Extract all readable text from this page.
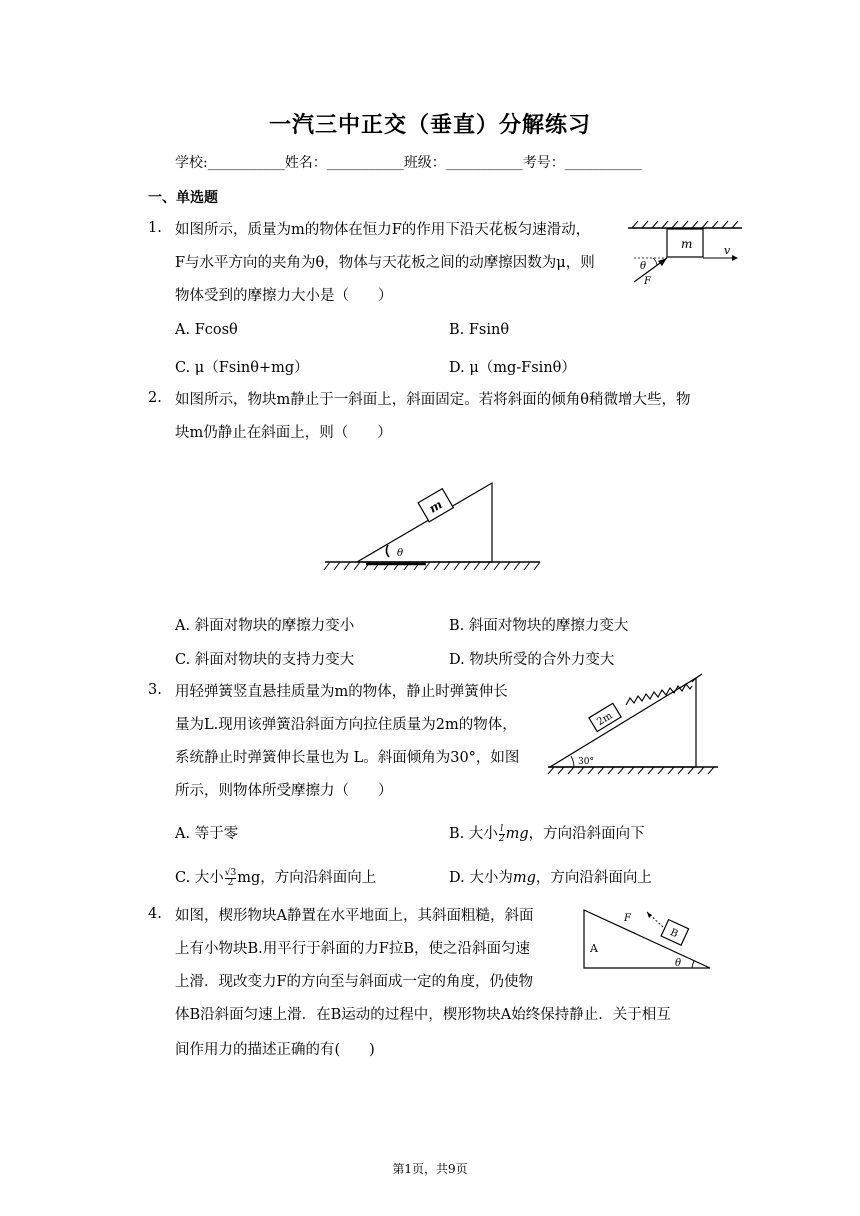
一汽三中正交（垂直）分解练习
学校:___________姓名：___________班级：___________考号：___________
一、单选题
1. 如图所示，质量为m的物体在恒力F的作用下沿天花板匀速滑动，
F与水平方向的夹角为θ，物体与天花板之间的动摩擦因数为μ，则
物体受到的摩擦力大小是（　　）
A. Fcosθ	B. Fsinθ
C. μ（Fsinθ+mg）	D. μ（mg-Fsinθ）
m	v
θ
F
2. 如图所示，物块m静止于一斜面上，斜面固定。若将斜面的倾角θ稍微增大些，物
块m仍静止在斜面上，则（　　）
m
θ
A. 斜面对物块的摩擦力变小	B. 斜面对物块的摩擦力变大
C. 斜面对物块的支持力变大	D. 物块所受的合外力变大
3. 用轻弹簧竖直悬挂质量为m的物体，静止时弹簧伸长
量为L.现用该弹簧沿斜面方向拉住质量为2m的物体，
系统静止时弹簧伸长量也为 L。斜面倾角为30°，如图
所示，则物体所受摩擦力（　　）
2m
30°
A. 等于零	B. 大小 $\frac{l}{2}$ mg，方向沿斜面向下
C. 大小 $\frac{√3}{2}$ mg，方向沿斜面向上	D. 大小为mg，方向沿斜面向上
4. 如图，楔形物块A静置在水平地面上，其斜面粗糙，斜面
上有小物块B.用平行于斜面的力F拉B，使之沿斜面匀速
上滑．现改变力F的方向至与斜面成一定的角度，仍使物
体B沿斜面匀速上滑．在B运动的过程中，楔形物块A始终保持静止．关于相互
间作用力的描述正确的有(　　)
A
B
F
θ
第1页，共9页
